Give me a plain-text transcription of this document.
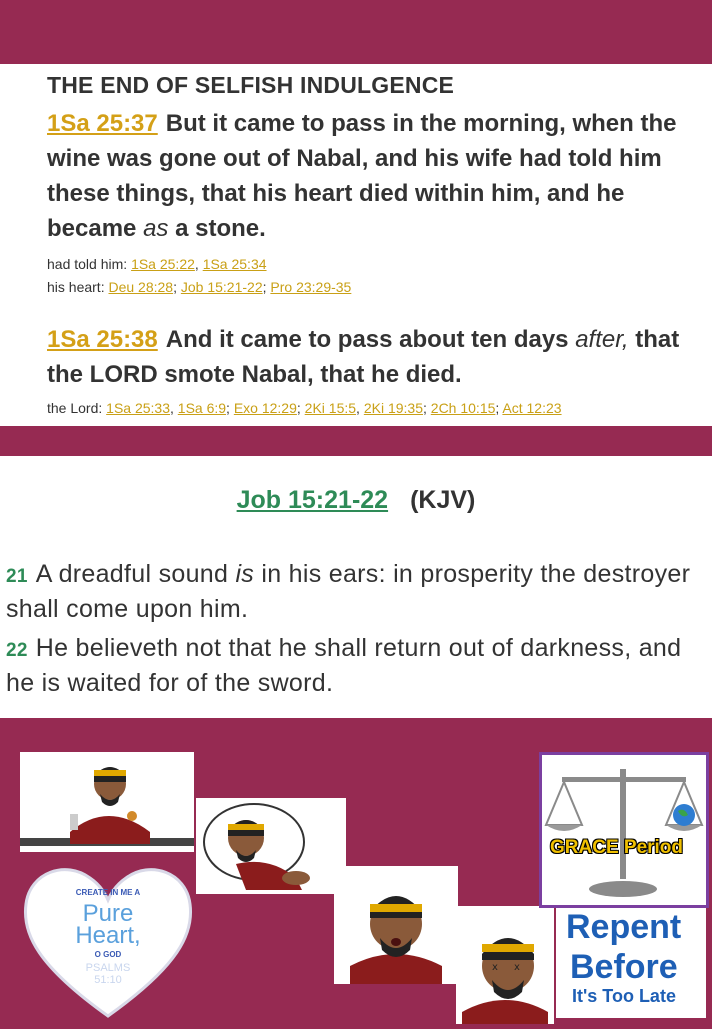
THE END OF SELFISH INDULGENCE
1Sa 25:37 But it came to pass in the morning, when the wine was gone out of Nabal, and his wife had told him these things, that his heart died within him, and he became as a stone.
had told him: 1Sa 25:22, 1Sa 25:34
his heart: Deu 28:28; Job 15:21-22; Pro 23:29-35
1Sa 25:38 And it came to pass about ten days after, that the LORD smote Nabal, that he died.
the Lord: 1Sa 25:33, 1Sa 6:9; Exo 12:29; 2Ki 15:5, 2Ki 19:35; 2Ch 10:15; Act 12:23
Job 15:21-22 (KJV)
21 A dreadful sound is in his ears: in prosperity the destroyer shall come upon him.
22 He believeth not that he shall return out of darkness, and he is waited for of the sword.
CREATE IN ME A
Pure
Heart,
O GOD
PSALMS
51:10
x x
GRACE Period
Repent
Before
It's Too Late
